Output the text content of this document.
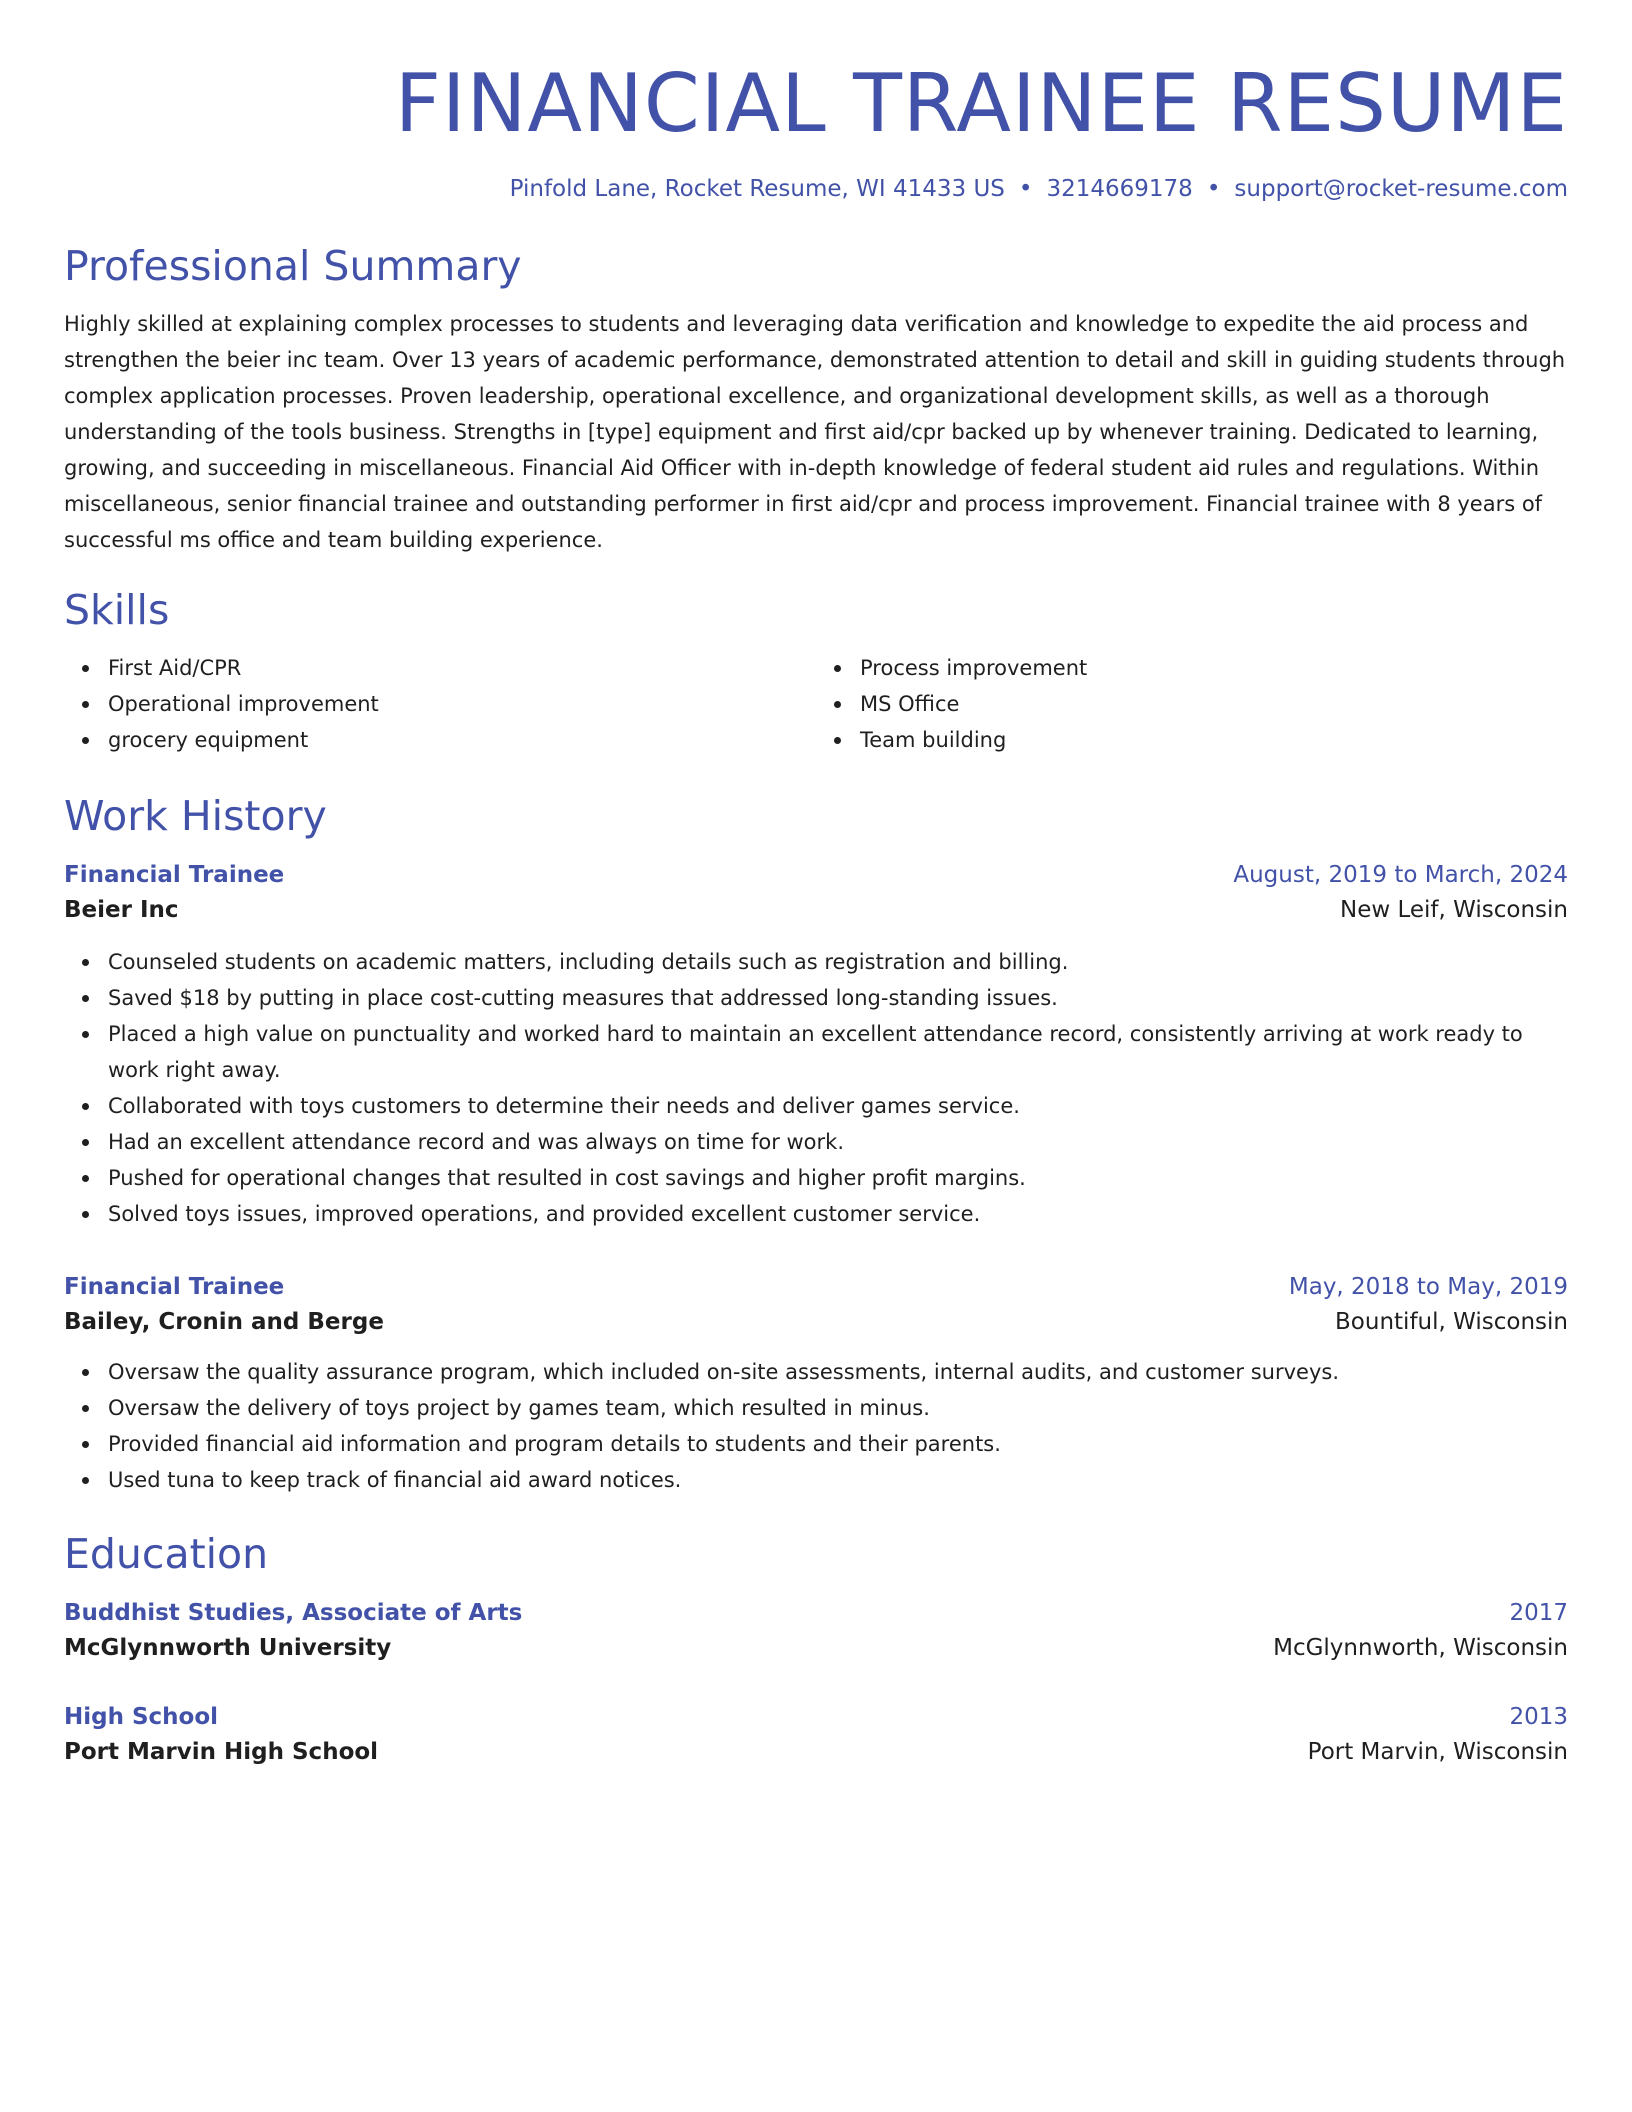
FINANCIAL TRAINEE RESUME
Pinfold Lane, Rocket Resume, WI 41433 US • 3214669178 • support@rocket-resume.com
Professional Summary

Highly skilled at explaining complex processes to students and leveraging data verification and knowledge to expedite the aid process and strengthen the beier inc team. Over 13 years of academic performance, demonstrated attention to detail and skill in guiding students through complex application processes. Proven leadership, operational excellence, and organizational development skills, as well as a thorough understanding of the tools business. Strengths in [type] equipment and first aid/cpr backed up by whenever training. Dedicated to learning, growing, and succeeding in miscellaneous. Financial Aid Officer with in-depth knowledge of federal student aid rules and regulations. Within miscellaneous, senior financial trainee and outstanding performer in first aid/cpr and process improvement. Financial trainee with 8 years of successful ms office and team building experience.

Skills
First Aid/CPR
Operational improvement
grocery equipment
Process improvement
MS Office
Team building
Work History
Financial Trainee	August, 2019 to March, 2024
Beier Inc	New Leif, Wisconsin
Counseled students on academic matters, including details such as registration and billing.
Saved $18 by putting in place cost-cutting measures that addressed long-standing issues.
Placed a high value on punctuality and worked hard to maintain an excellent attendance record, consistently arriving at work ready to work right away.
Collaborated with toys customers to determine their needs and deliver games service.
Had an excellent attendance record and was always on time for work.
Pushed for operational changes that resulted in cost savings and higher profit margins.
Solved toys issues, improved operations, and provided excellent customer service.
Financial Trainee	May, 2018 to May, 2019
Bailey, Cronin and Berge	Bountiful, Wisconsin
Oversaw the quality assurance program, which included on-site assessments, internal audits, and customer surveys.
Oversaw the delivery of toys project by games team, which resulted in minus.
Provided financial aid information and program details to students and their parents.
Used tuna to keep track of financial aid award notices.
Education
Buddhist Studies, Associate of Arts	2017
McGlynnworth University	McGlynnworth, Wisconsin
High School	2013
Port Marvin High School	Port Marvin, Wisconsin
